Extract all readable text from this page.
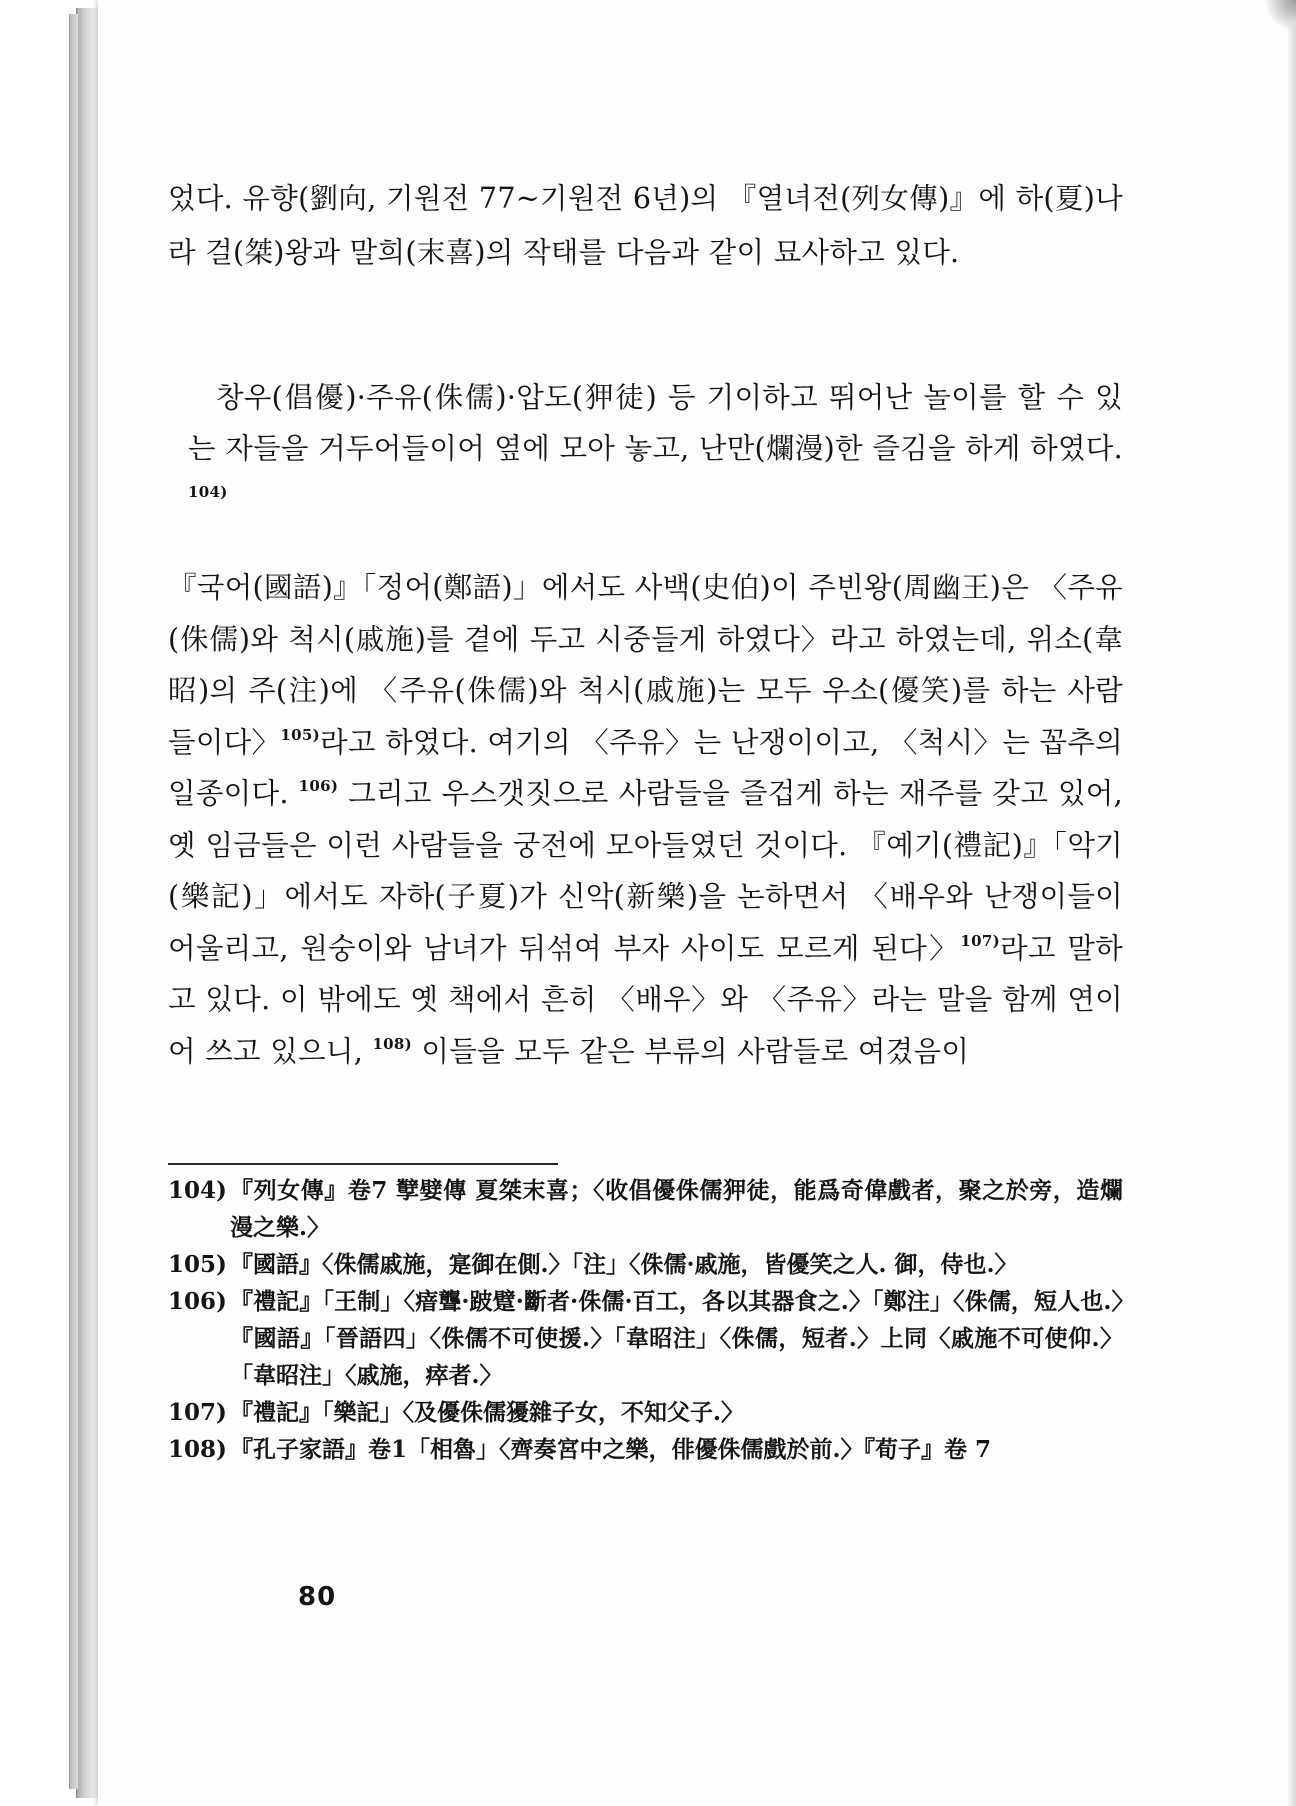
었다. 유향(劉向, 기원전 77~기원전 6년)의 『열녀전(列女傳)』에 하(夏)나라 걸(桀)왕과 말희(末喜)의 작태를 다음과 같이 묘사하고 있다.

창우(倡優)·주유(侏儒)·압도(狎徒) 등 기이하고 뛰어난 놀이를 할 수 있는 자들을 거두어들이어 옆에 모아 놓고, 난만(爛漫)한 즐김을 하게 하였다. $^{104)}$

『국어(國語)』「정어(鄭語)」에서도 사백(史伯)이 주빈왕(周幽王)은 〈주유(侏儒)와 척시(戚施)를 곁에 두고 시중들게 하였다〉라고 하였는데, 위소(韋昭)의 주(注)에 〈주유(侏儒)와 척시(戚施)는 모두 우소(優笑)를 하는 사람들이다〉$^{105)}$라고 하였다. 여기의 〈주유〉는 난쟁이이고, 〈척시〉는 꼽추의 일종이다. $^{106)}$ 그리고 우스갯짓으로 사람들을 즐겁게 하는 재주를 갖고 있어, 옛 임금들은 이런 사람들을 궁전에 모아들였던 것이다. 『예기(禮記)』「악기(樂記)」에서도 자하(子夏)가 신악(新樂)을 논하면서 〈배우와 난쟁이들이 어울리고, 원숭이와 남녀가 뒤섞여 부자 사이도 모르게 된다〉$^{107)}$라고 말하고 있다. 이 밖에도 옛 책에서 흔히 〈배우〉와 〈주유〉라는 말을 함께 연이어 쓰고 있으니, $^{108)}$ 이들을 모두 같은 부류의 사람들로 여겼음이

104) 『列女傳』卷7 孼嬖傳 夏桀末喜；〈收倡優侏儒狎徒，能爲奇偉戲者，聚之於旁，造爛漫之樂.〉
105) 『國語』〈侏儒戚施，寔御在側.〉「注」〈侏儒·戚施，皆優笑之人. 御，侍也.〉
106) 『禮記』「王制」〈瘖聾·跛躄·斷者·侏儒·百工，各以其器食之.〉「鄭注」〈侏儒，短人也.〉『國語』「晉語四」〈侏儒不可使援.〉「韋昭注」〈侏儒，短者.〉上同〈戚施不可使仰.〉「韋昭注」〈戚施，瘁者.〉
107) 『禮記』「樂記」〈及優侏儒獶雜子女，不知父子.〉
108) 『孔子家語』卷1「相魯」〈齊奏宮中之樂，俳優侏儒戲於前.〉『荀子』卷 7
80
